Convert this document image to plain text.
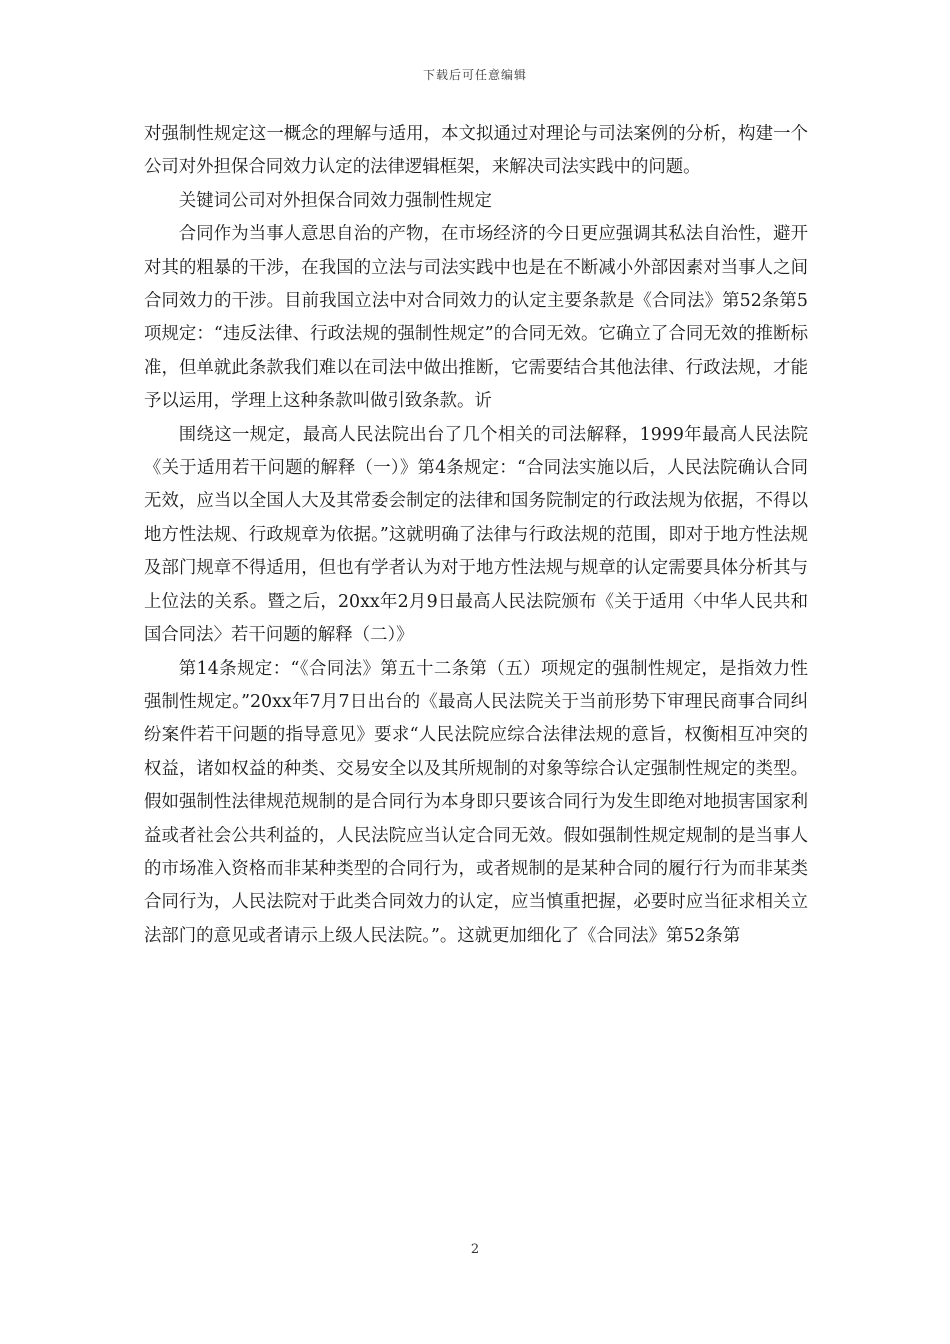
下载后可任意编辑

对强制性规定这一概念的理解与适用，本文拟通过对理论与司法案例的分析，构建一个公司对外担保合同效力认定的法律逻辑框架，来解决司法实践中的问题。

关键词公司对外担保合同效力强制性规定

合同作为当事人意思自治的产物，在市场经济的今日更应强调其私法自治性，避开对其的粗暴的干涉，在我国的立法与司法实践中也是在不断减小外部因素对当事人之间合同效力的干涉。目前我国立法中对合同效力的认定主要条款是《合同法》第52条第5项规定：“违反法律、行政法规的强制性规定”的合同无效。它确立了合同无效的推断标准，但单就此条款我们难以在司法中做出推断，它需要结合其他法律、行政法规，才能予以运用，学理上这种条款叫做引致条款。䜣

围绕这一规定，最高人民法院出台了几个相关的司法解释，1999年最高人民法院《关于适用若干问题的解释（一）》第4条规定：“合同法实施以后，人民法院确认合同无效，应当以全国人大及其常委会制定的法律和国务院制定的行政法规为依据，不得以地方性法规、行政规章为依据。”这就明确了法律与行政法规的范围，即对于地方性法规及部门规章不得适用，但也有学者认为对于地方性法规与规章的认定需要具体分析其与上位法的关系。暨之后，20xx年2月9日最高人民法院颁布《关于适用〈中华人民共和国合同法〉若干问题的解释（二）》

第14条规定：“《合同法》第五十二条第（五）项规定的强制性规定，是指效力性强制性规定。”20xx年7月7日出台的《最高人民法院关于当前形势下审理民商事合同纠纷案件若干问题的指导意见》要求“人民法院应综合法律法规的意旨，权衡相互冲突的权益，诸如权益的种类、交易安全以及其所规制的对象等综合认定强制性规定的类型。假如强制性法律规范规制的是合同行为本身即只要该合同行为发生即绝对地损害国家利益或者社会公共利益的，人民法院应当认定合同无效。假如强制性规定规制的是当事人的市场准入资格而非某种类型的合同行为，或者规制的是某种合同的履行行为而非某类合同行为，人民法院对于此类合同效力的认定，应当慎重把握，必要时应当征求相关立法部门的意见或者请示上级人民法院。”。这就更加细化了《合同法》第52条第

2
